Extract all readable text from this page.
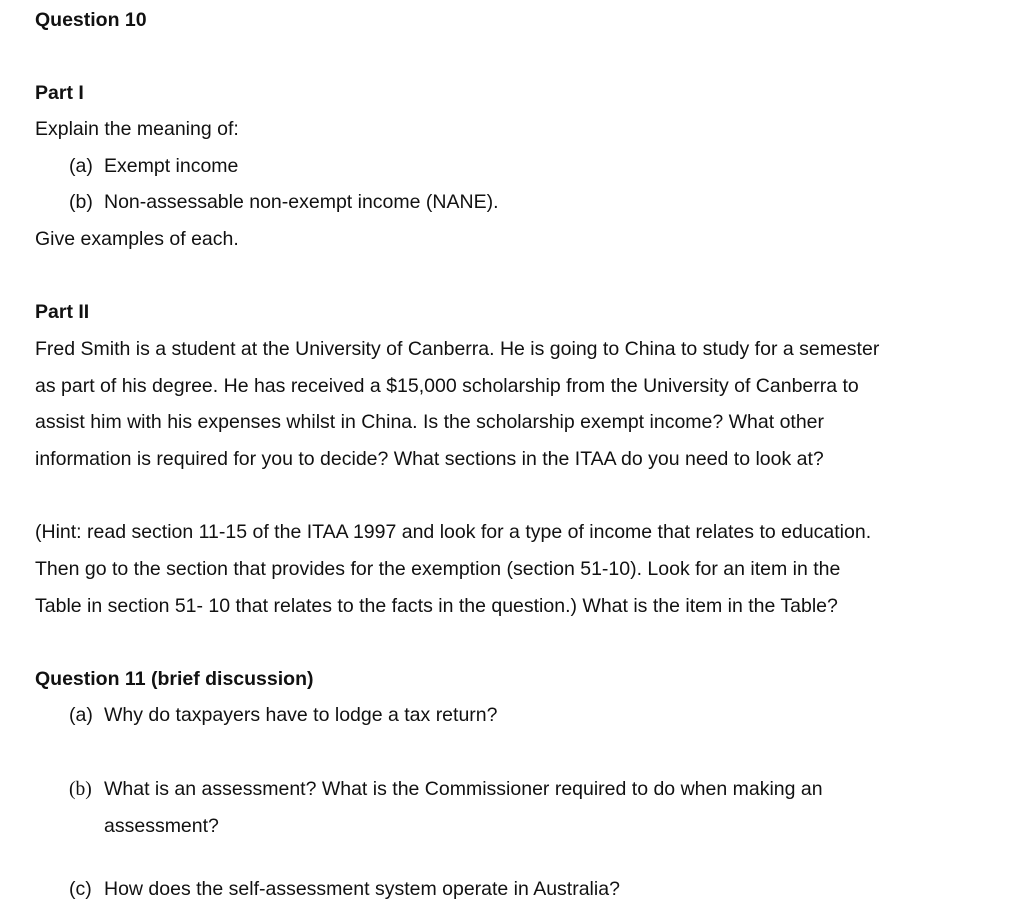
Question 10
Part I
Explain the meaning of:
(a) Exempt income
(b) Non-assessable non-exempt income (NANE).
Give examples of each.
Part II
Fred Smith is a student at the University of Canberra. He is going to China to study for a semester
as part of his degree. He has received a $15,000 scholarship from the University of Canberra to
assist him with his expenses whilst in China. Is the scholarship exempt income? What other
information is required for you to decide? What sections in the ITAA do you need to look at?
(Hint: read section 11-15 of the ITAA 1997 and look for a type of income that relates to education.
Then go to the section that provides for the exemption (section 51-10). Look for an item in the
Table in section 51- 10 that relates to the facts in the question.) What is the item in the Table?
Question 11 (brief discussion)
(a) Why do taxpayers have to lodge a tax return?
(b) What is an assessment? What is the Commissioner required to do when making an
assessment?
(c) How does the self-assessment system operate in Australia?
